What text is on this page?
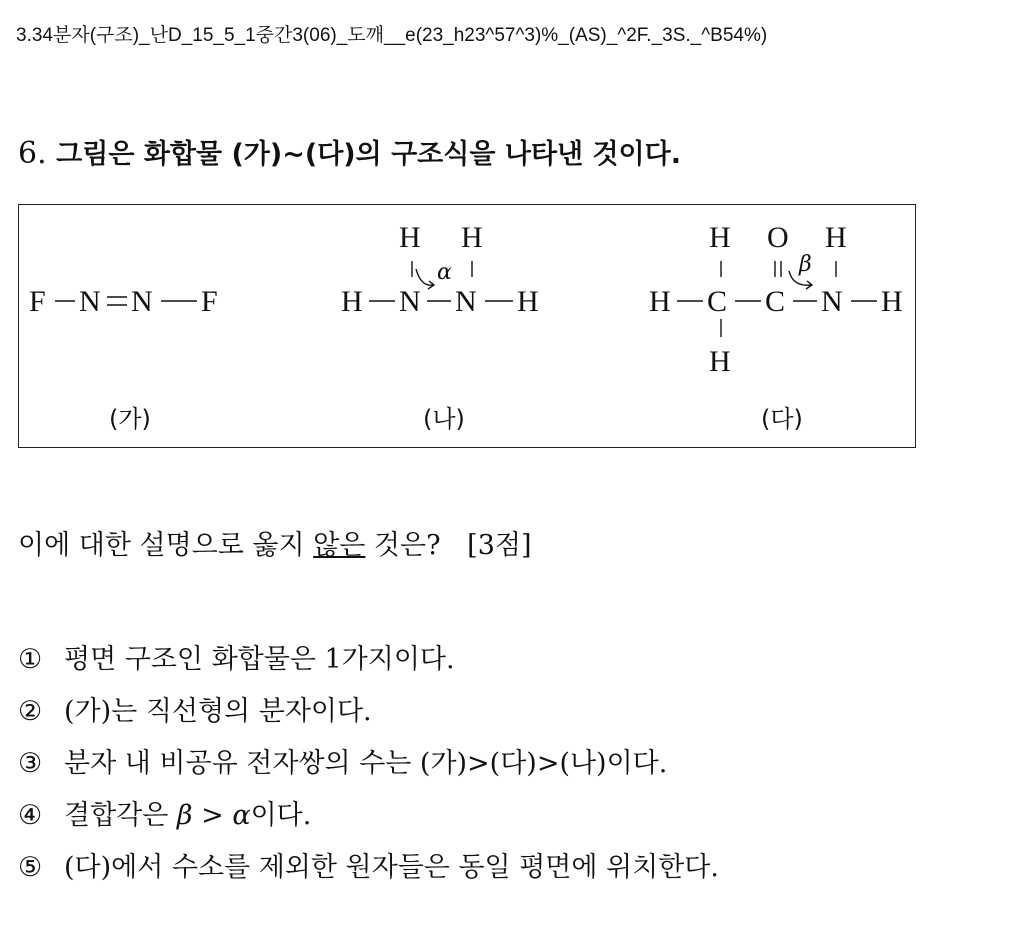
3.34분자(구조)_난D_15_5_1중간3(06)_도깨__e(23_h23^57^3)%_(AS)_^2F._3S._^B54%)
6. 그림은 화합물 (가)~(다)의 구조식을 나타낸 것이다.
F N N F
(가)
H H
H N N H
α
(나)
H O H
H C C N H
H
β
(다)
이에 대한 설명으로 옳지 않은 것은? [3점]
① 평면 구조인 화합물은 1가지이다.
② (가)는 직선형의 분자이다.
③ 분자 내 비공유 전자쌍의 수는 (가)>(다)>(나)이다.
④ 결합각은 β > α이다.
⑤ (다)에서 수소를 제외한 원자들은 동일 평면에 위치한다.
